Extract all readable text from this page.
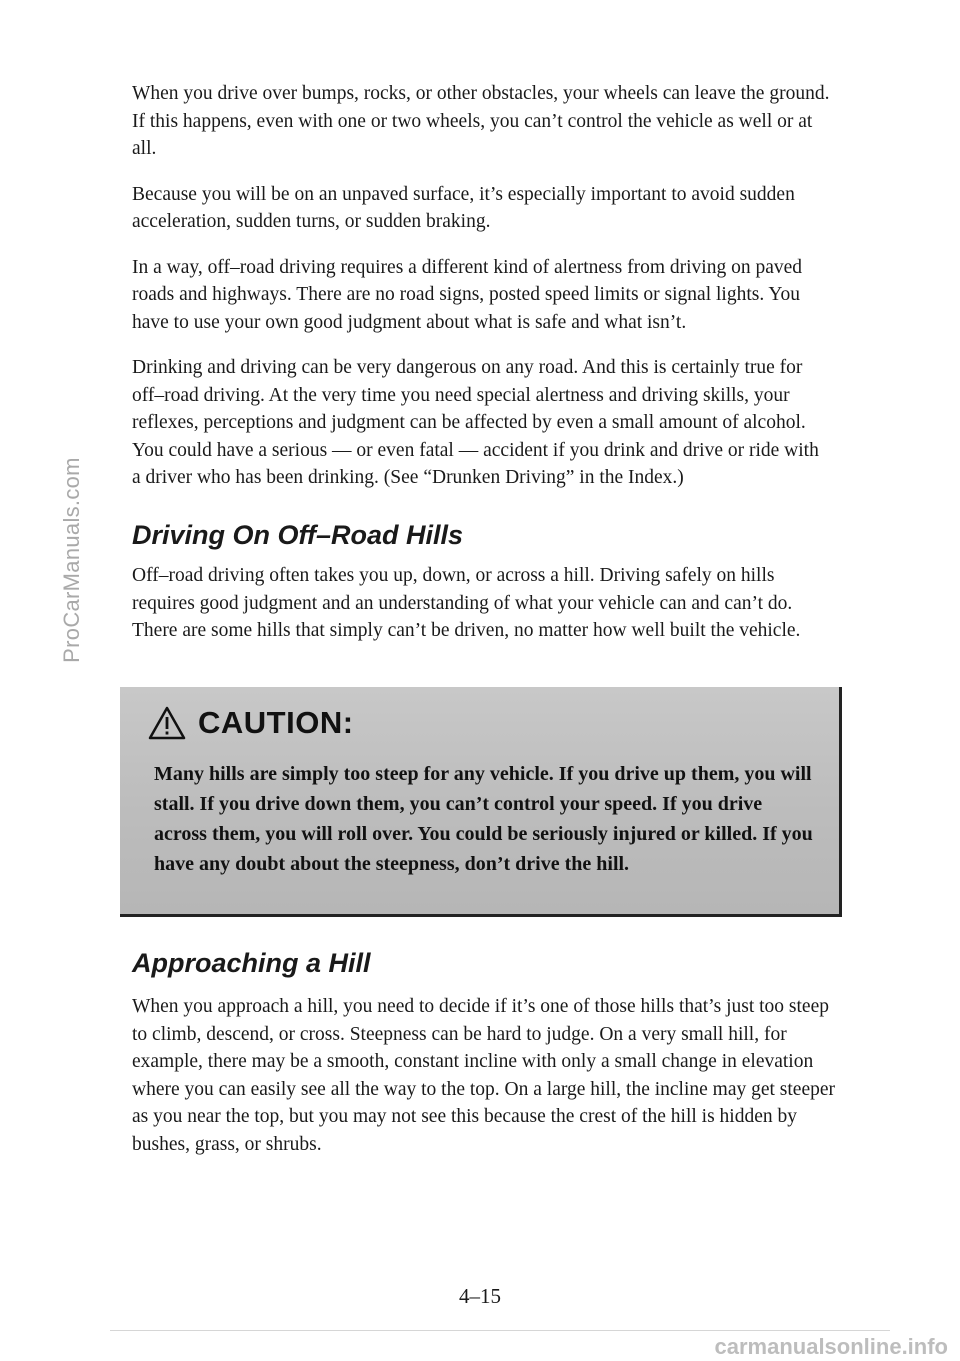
ProCarManuals.com

When you drive over bumps, rocks, or other obstacles, your wheels can leave the ground. If this happens, even with one or two wheels, you can’t control the vehicle as well or at all.

Because you will be on an unpaved surface, it’s especially important to avoid sudden acceleration, sudden turns, or sudden braking.

In a way, off–road driving requires a different kind of alertness from driving on paved roads and highways. There are no road signs, posted speed limits or signal lights. You have to use your own good judgment about what is safe and what isn’t.

Drinking and driving can be very dangerous on any road. And this is certainly true for off–road driving. At the very time you need special alertness and driving skills, your reflexes, perceptions and judgment can be affected by even a small amount of alcohol. You could have a serious — or even fatal — accident if you drink and drive or ride with a driver who has been drinking. (See “Drunken Driving” in the Index.)

Driving On Off–Road Hills

Off–road driving often takes you up, down, or across a hill. Driving safely on hills requires good judgment and an understanding of what your vehicle can and can’t do. There are some hills that simply can’t be driven, no matter how well built the vehicle.

CAUTION:
Many hills are simply too steep for any vehicle. If you drive up them, you will stall. If you drive down them, you can’t control your speed. If you drive across them, you will roll over. You could be seriously injured or killed. If you have any doubt about the steepness, don’t drive the hill.
Approaching a Hill

When you approach a hill, you need to decide if it’s one of those hills that’s just too steep to climb, descend, or cross. Steepness can be hard to judge. On a very small hill, for example, there may be a smooth, constant incline with only a small change in elevation where you can easily see all the way to the top. On a large hill, the incline may get steeper as you near the top, but you may not see this because the crest of the hill is hidden by bushes, grass, or shrubs.

4–15
carmanualsonline.info
